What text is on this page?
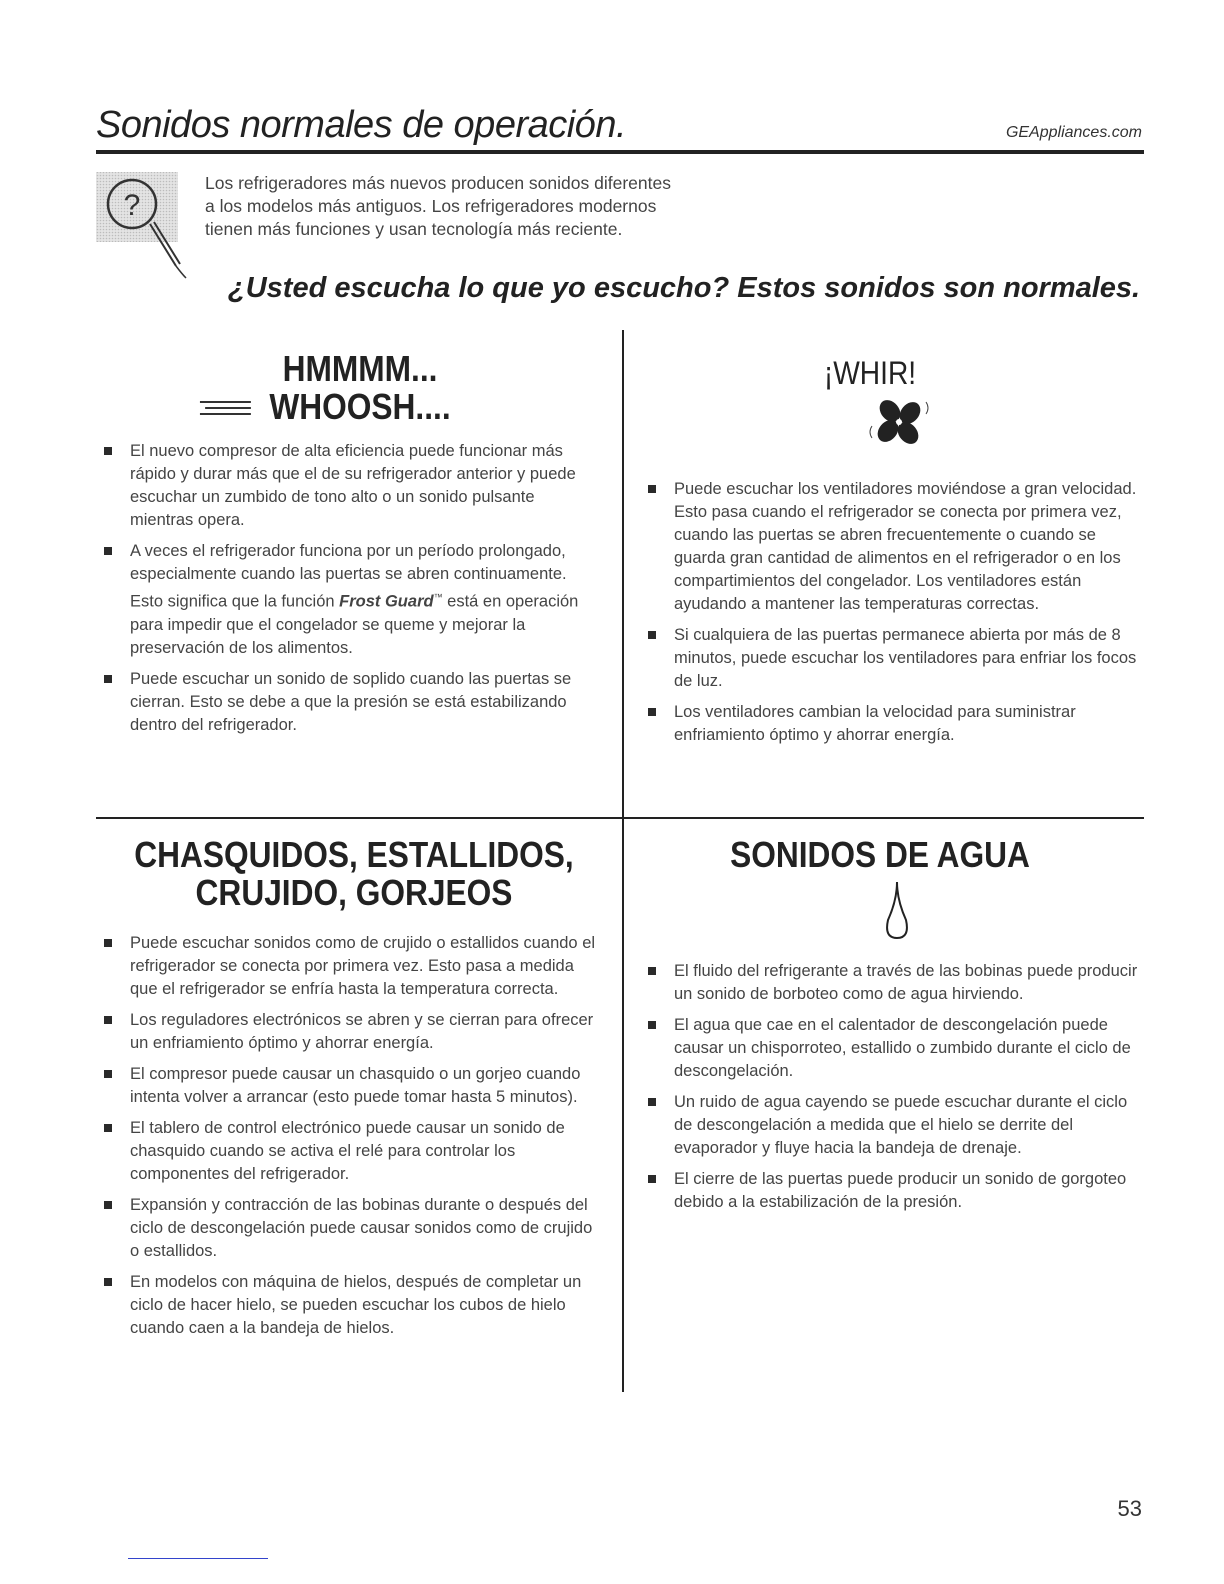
Sonidos normales de operación.	GEAppliances.com
?
Los refrigeradores más nuevos producen sonidos diferentes
a los modelos más antiguos. Los refrigeradores modernos
tienen más funciones y usan tecnología más reciente.
¿Usted escucha lo que yo escucho? Estos sonidos son normales.
HMMMM...
WHOOSH....
El nuevo compresor de alta eficiencia puede funcionar más rápido y durar más que el de su refrigerador anterior y puede escuchar un zumbido de tono alto o un sonido pulsante mientras opera.
A veces el refrigerador funciona por un período prolongado, especialmente cuando las puertas se abren continuamente. Esto significa que la función Frost Guard™ está en operación para impedir que el congelador se queme y mejorar la preservación de los alimentos.
Puede escuchar un sonido de soplido cuando las puertas se cierran. Esto se debe a que la presión se está estabilizando dentro del refrigerador.
¡WHIR!
Puede escuchar los ventiladores moviéndose a gran velocidad. Esto pasa cuando el refrigerador se conecta por primera vez, cuando las puertas se abren frecuentemente o cuando se guarda gran cantidad de alimentos en el refrigerador o en los compartimientos del congelador. Los ventiladores están ayudando a mantener las temperaturas correctas.
Si cualquiera de las puertas permanece abierta por más de 8 minutos, puede escuchar los ventiladores para enfriar los focos de luz.
Los ventiladores cambian la velocidad para suministrar enfriamiento óptimo y ahorrar energía.
CHASQUIDOS, ESTALLIDOS,
CRUJIDO, GORJEOS
Puede escuchar sonidos como de crujido o estallidos cuando el refrigerador se conecta por primera vez. Esto pasa a medida que el refrigerador se enfría hasta la temperatura correcta.
Los reguladores electrónicos se abren y se cierran para ofrecer un enfriamiento óptimo y ahorrar energía.
El compresor puede causar un chasquido o un gorjeo cuando intenta volver a arrancar (esto puede tomar hasta 5 minutos).
El tablero de control electrónico puede causar un sonido de chasquido cuando se activa el relé para controlar los componentes del refrigerador.
Expansión y contracción de las bobinas durante o después del ciclo de descongelación puede causar sonidos como de crujido o estallidos.
En modelos con máquina de hielos, después de completar un ciclo de hacer hielo, se pueden escuchar los cubos de hielo cuando caen a la bandeja de hielos.
SONIDOS DE AGUA
El fluido del refrigerante a través de las bobinas puede producir un sonido de borboteo como de agua hirviendo.
El agua que cae en el calentador de descongelación puede causar un chisporroteo, estallido o zumbido durante el ciclo de descongelación.
Un ruido de agua cayendo se puede escuchar durante el ciclo de descongelación a medida que el hielo se derrite del evaporador y fluye hacia la bandeja de drenaje.
El cierre de las puertas puede producir un sonido de gorgoteo debido a la estabilización de la presión.
53
